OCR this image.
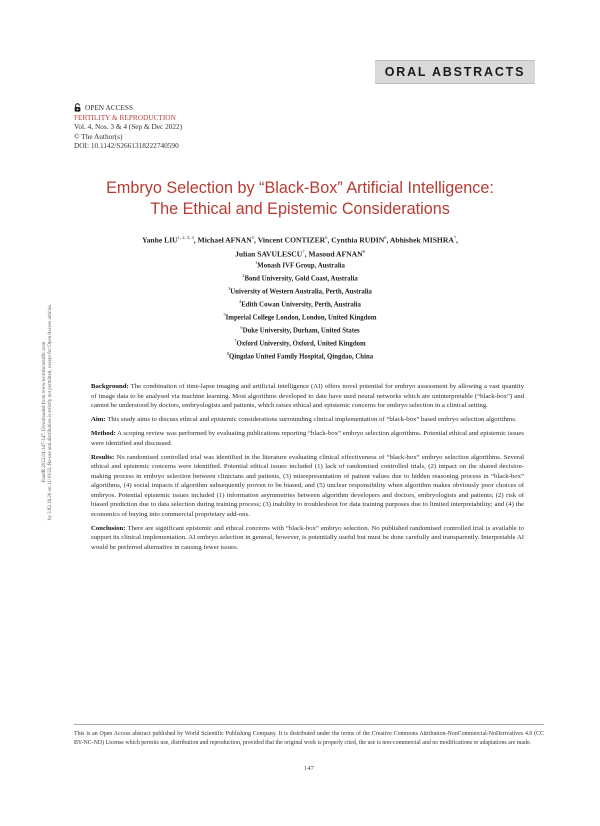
ORAL ABSTRACTS
OPEN ACCESS
FERTILITY & REPRODUCTION
Vol. 4, Nos. 3 & 4 (Sep & Dec 2022)
© The Author(s)
DOI: 10.1142/S2661318222740590
Embryo Selection by “Black-Box” Artificial Intelligence:
The Ethical and Epistemic Considerations
Yanhe LIU$^{1, 2, 3, 4}$, Michael AFNAN$^5$, Vincent CONTIZER$^6$, Cynthia RUDIN$^6$, Abhishek MISHRA$^7$,
Julian SAVULESCU$^7$, Masoud AFNAN$^8$
$^1$Monash IVF Group, Australia
$^2$Bond University, Gold Coast, Australia
$^3$University of Western Australia, Perth, Australia
$^4$Edith Cowan University, Perth, Australia
$^5$Imperial College London, London, United Kingdom
$^6$Duke University, Durham, United States
$^7$Oxford University, Oxford, United Kingdom
$^8$Qingdao United Family Hospital, Qingdao, China
FandR 2022.04:147-147. Downloaded from www.worldscientific.com by 3.82.16.20 on 11/10/22. Re-use and distribution is strictly not permitted, except for Open Access articles.	Background: The combination of time-lapse imaging and artificial intelligence (AI) offers novel potential for embryo assessment by allowing a vast quantity of image data to be analysed via machine learning. Most algorithms developed to date have used neural networks which are uninterpretable (“black-box”) and cannot be understood by doctors, embryologists and patients, which raises ethical and epistemic concerns for embryo selection in a clinical setting.

Aim: This study aims to discuss ethical and epistemic considerations surrounding clinical implementation of “black-box” based embryo selection algorithms.

Method: A scoping review was performed by evaluating publications reporting “black-box” embryo selection algorithms. Potential ethical and epistemic issues were identified and discussed.

Results: No randomised controlled trial was identified in the literature evaluating clinical effectiveness of “black-box” embryo selection algorithms. Several ethical and epistemic concerns were identified. Potential ethical issues included (1) lack of randomised controlled trials, (2) impact on the shared decision-making process in embryo selection between clinicians and patients, (3) misrepresentation of patient values due to hidden reasoning process in “black-box” algorithms, (4) social impacts if algorithm subsequently proven to be biased, and (5) unclear responsibility when algorithm makes obviously poor choices of embryos. Potential epistemic issues included (1) information asymmetries between algorithm developers and doctors, embryologists and patients; (2) risk of biased prediction due to data selection during training process; (3) inability to troubleshoot for data training purposes due to limited interpretability; and (4) the economics of buying into commercial proprietary add-ons.

Conclusion: There are significant epistemic and ethical concerns with “black-box” embryo selection. No published randomised controlled trial is available to support its clinical implementation. AI embryo selection in general, however, is potentially useful but must be done carefully and transparently. Interpretable AI would be preferred alternative in causing fewer issues.

This is an Open Access abstract published by World Scientific Publishing Company. It is distributed under the terms of the Creative Commons Attribution-NonCommercial-NoDerivatives 4.0 (CC BY-NC-ND) License which permits use, distribution and reproduction, provided that the original work is properly cited, the use is non-commercial and no modifications or adaptations are made.
147
